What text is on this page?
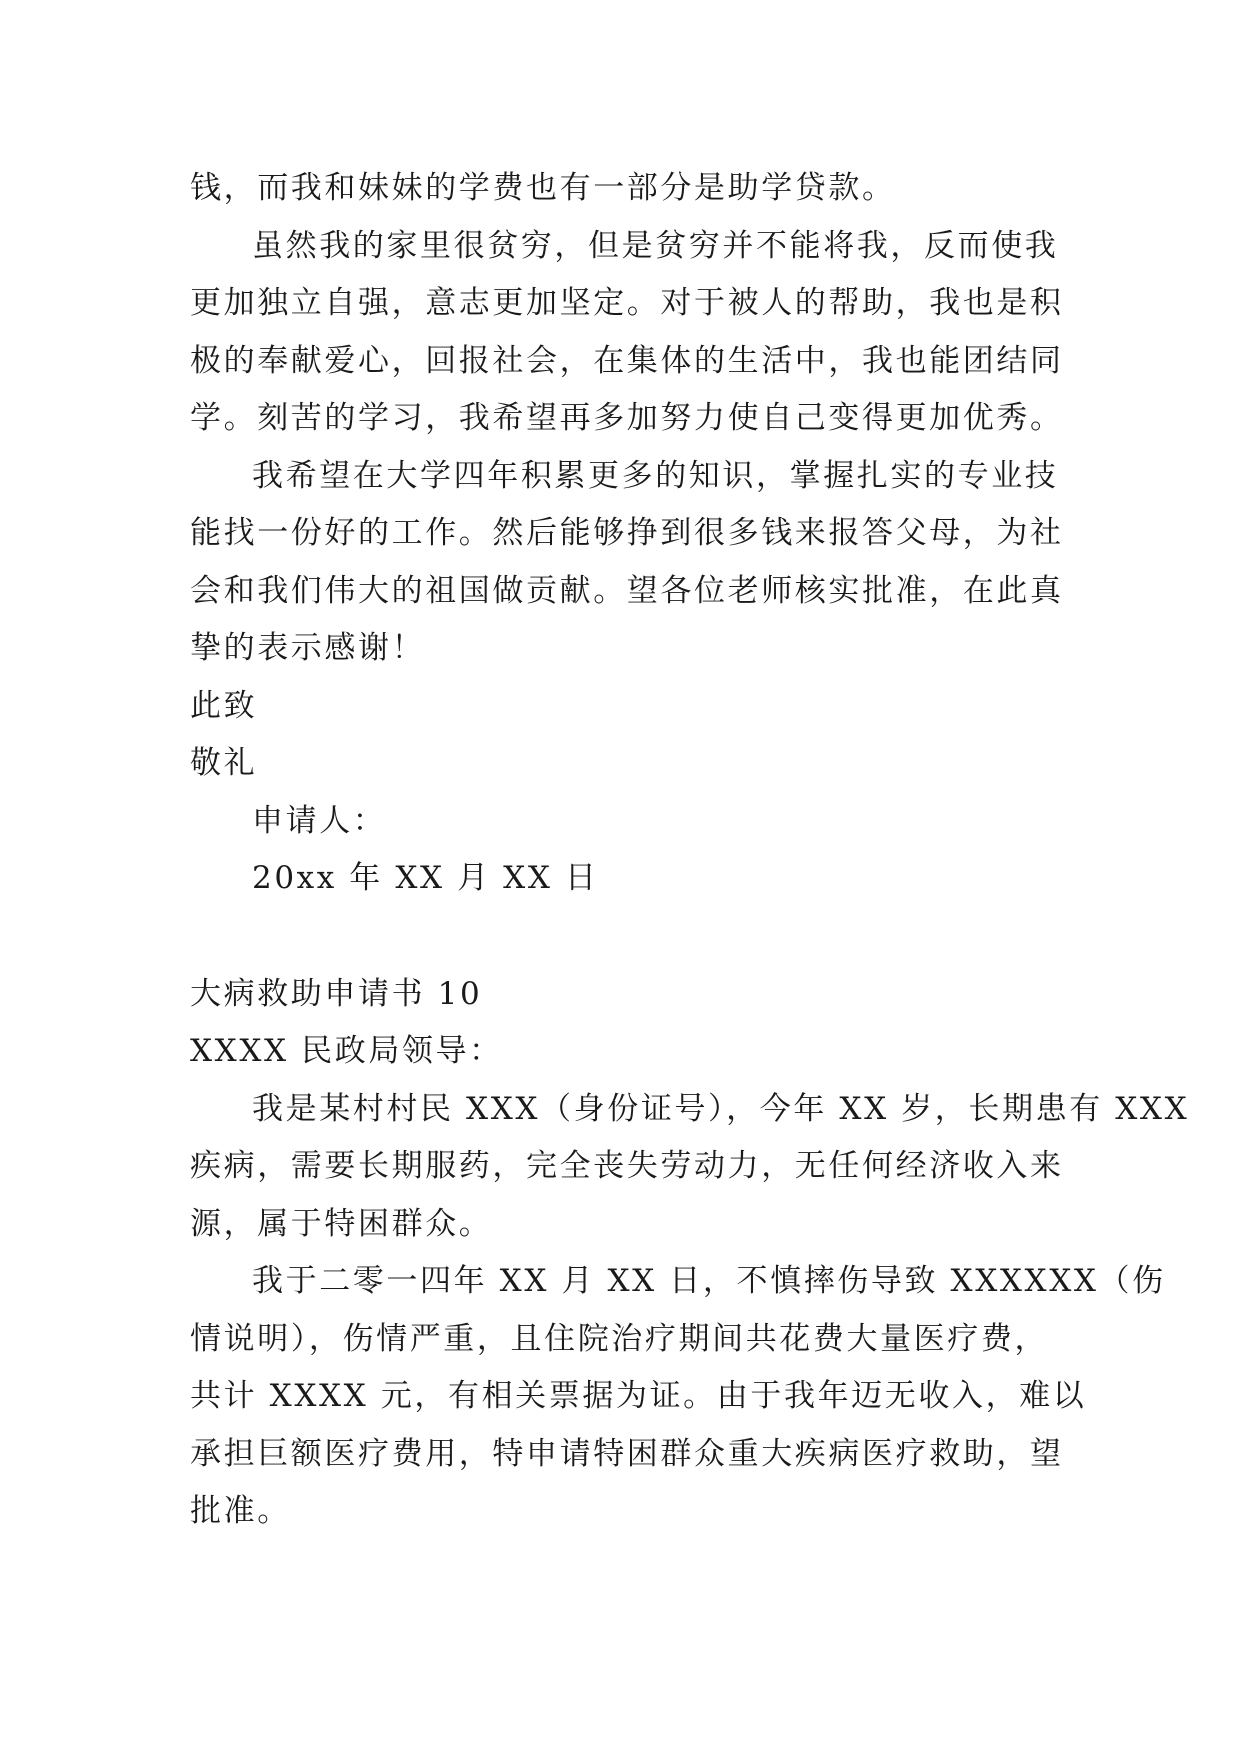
钱，而我和妹妹的学费也有一部分是助学贷款。
虽然我的家里很贫穷，但是贫穷并不能将我，反而使我
更加独立自强，意志更加坚定。对于被人的帮助，我也是积
极的奉献爱心，回报社会，在集体的生活中，我也能团结同
学。刻苦的学习，我希望再多加努力使自己变得更加优秀。
我希望在大学四年积累更多的知识，掌握扎实的专业技
能找一份好的工作。然后能够挣到很多钱来报答父母，为社
会和我们伟大的祖国做贡献。望各位老师核实批准，在此真
挚的表示感谢！
此致
敬礼
申请人：
20xx 年 XX 月 XX 日
大病救助申请书 10
XXXX 民政局领导：
我是某村村民 XXX（身份证号），今年 XX 岁，长期患有 XXX
疾病，需要长期服药，完全丧失劳动力，无任何经济收入来
源，属于特困群众。
我于二零一四年 XX 月 XX 日，不慎摔伤导致 XXXXXX（伤
情说明），伤情严重，且住院治疗期间共花费大量医疗费，
共计 XXXX 元，有相关票据为证。由于我年迈无收入，难以
承担巨额医疗费用，特申请特困群众重大疾病医疗救助，望
批准。
